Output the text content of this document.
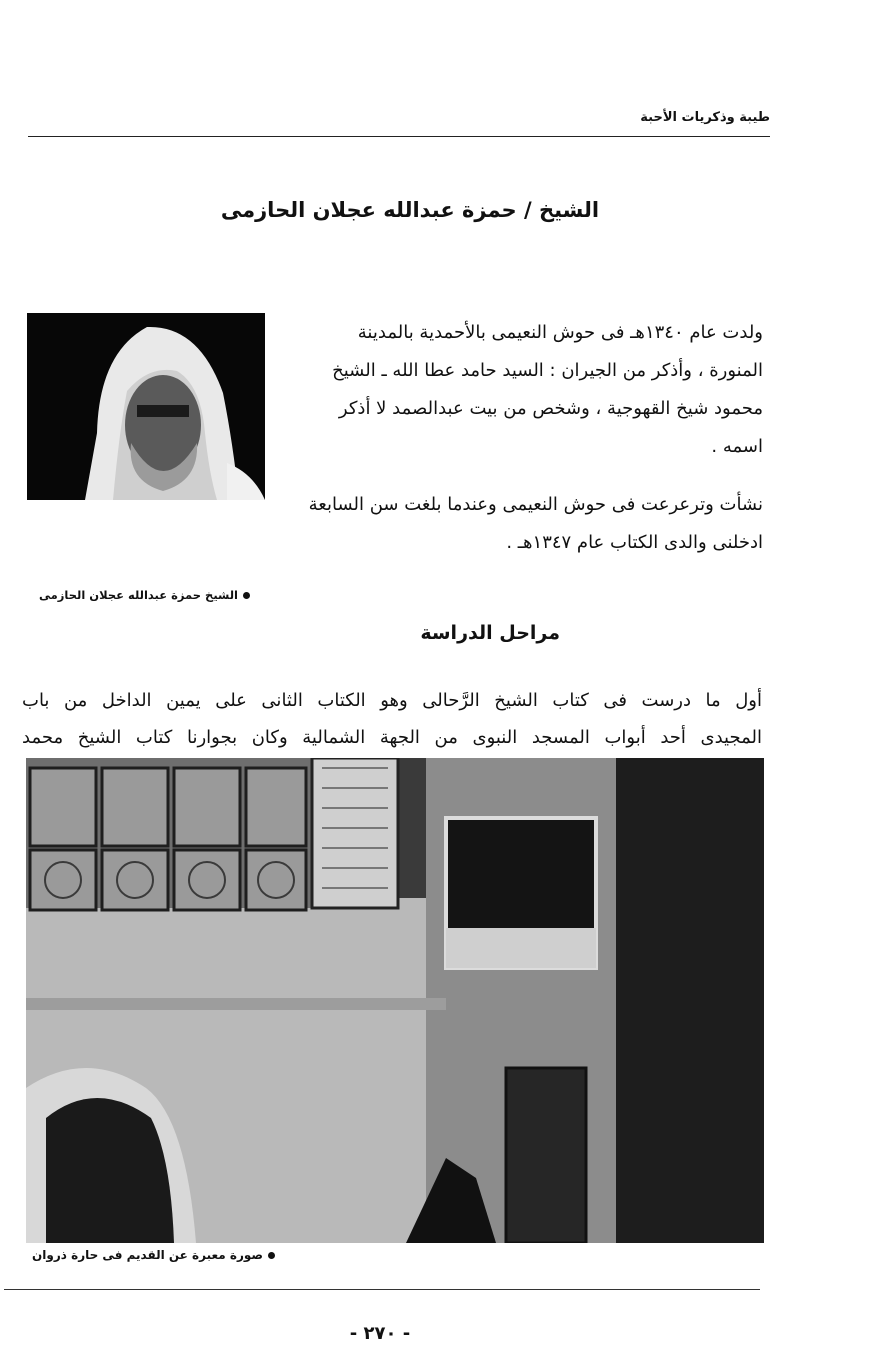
طيبة وذكريات الأحبة
الشيخ / حمزة عبدالله عجلان الحازمى

ولدت عام ١٣٤٠هـ فى حوش النعيمى بالأحمدية بالمدينة المنورة ، وأذكر من الجيران : السيد حامد عطا الله ـ الشيخ محمود شيخ القهوجية ، وشخص من بيت عبدالصمد لا أذكر اسمه .

نشأت وترعرعت فى حوش النعيمى وعندما بلغت سن السابعة ادخلنى والدى الكتاب عام ١٣٤٧هـ .

الشيخ حمزة عبدالله عجلان الحازمى
مراحل الدراسة
أول ما درست فى كتاب الشيخ الرَّحالى وهو الكتاب الثانى على يمين الداخل من باب
المجيدى أحد أبواب المسجد النبوى من الجهة الشمالية وكان بجوارنا كتاب الشيخ محمد
صورة معبرة عن القديم فى حارة ذروان
- ٢٧٠ -
